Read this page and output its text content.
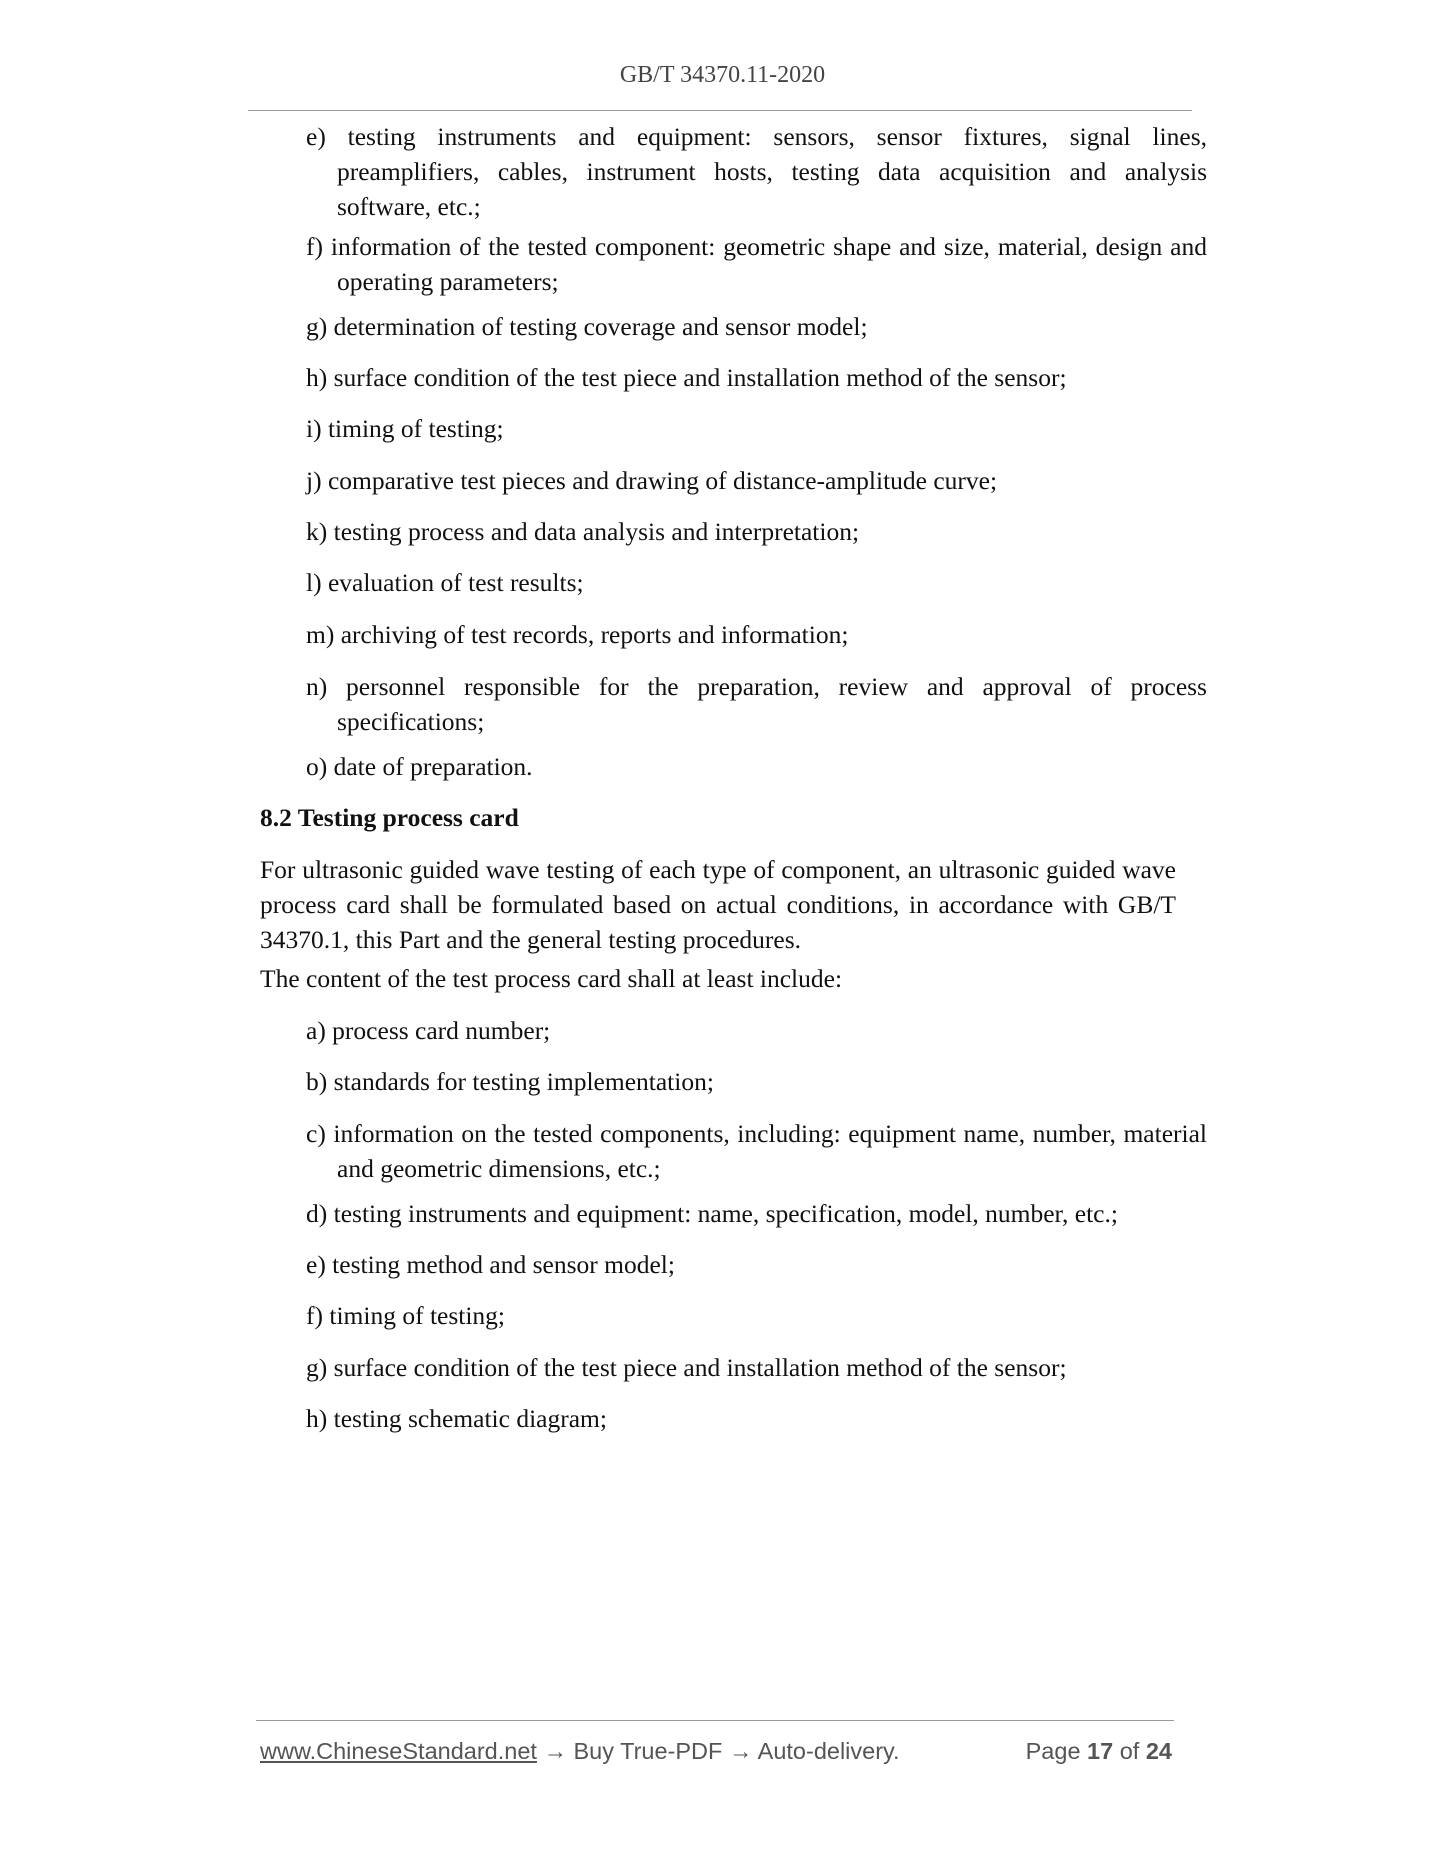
GB/T 34370.11-2020
e) testing instruments and equipment: sensors, sensor fixtures, signal lines, preamplifiers, cables, instrument hosts, testing data acquisition and analysis software, etc.;
f) information of the tested component: geometric shape and size, material, design and operating parameters;
g) determination of testing coverage and sensor model;
h) surface condition of the test piece and installation method of the sensor;
i) timing of testing;
j) comparative test pieces and drawing of distance-amplitude curve;
k) testing process and data analysis and interpretation;
l) evaluation of test results;
m) archiving of test records, reports and information;
n) personnel responsible for the preparation, review and approval of process specifications;
o) date of preparation.
8.2 Testing process card
For ultrasonic guided wave testing of each type of component, an ultrasonic guided wave process card shall be formulated based on actual conditions, in accordance with GB/T 34370.1, this Part and the general testing procedures.
The content of the test process card shall at least include:
a) process card number;
b) standards for testing implementation;
c) information on the tested components, including: equipment name, number, material and geometric dimensions, etc.;
d) testing instruments and equipment: name, specification, model, number, etc.;
e) testing method and sensor model;
f) timing of testing;
g) surface condition of the test piece and installation method of the sensor;
h) testing schematic diagram;
www.ChineseStandard.net → Buy True-PDF → Auto-delivery.	Page 17 of 24
